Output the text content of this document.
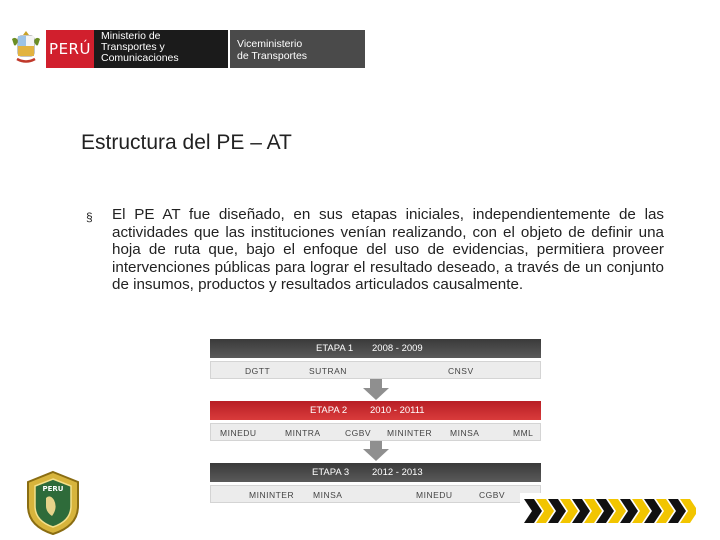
PERÚ
Ministerio de
Transportes y
Comunicaciones
Viceministerio
de Transportes
Estructura del PE – AT
§ El PE AT fue diseñado, en sus etapas iniciales, independientemente de las actividades que las instituciones venían realizando, con el objeto de definir una hoja de ruta que, bajo el enfoque del uso de evidencias, permitiera proveer intervenciones públicas para lograr el resultado deseado, a través de un conjunto de insumos, productos y resultados articulados causalmente.
ETAPA 1 2008 - 2009
DGTT	SUTRAN	CNSV
ETAPA 2 2010 - 20111
MINEDU	MINTRA	CGBV MININTER MINSA	MML
ETAPA 3 2012 - 2013
MININTER MINSA	MINEDU	CGBV
PERU
